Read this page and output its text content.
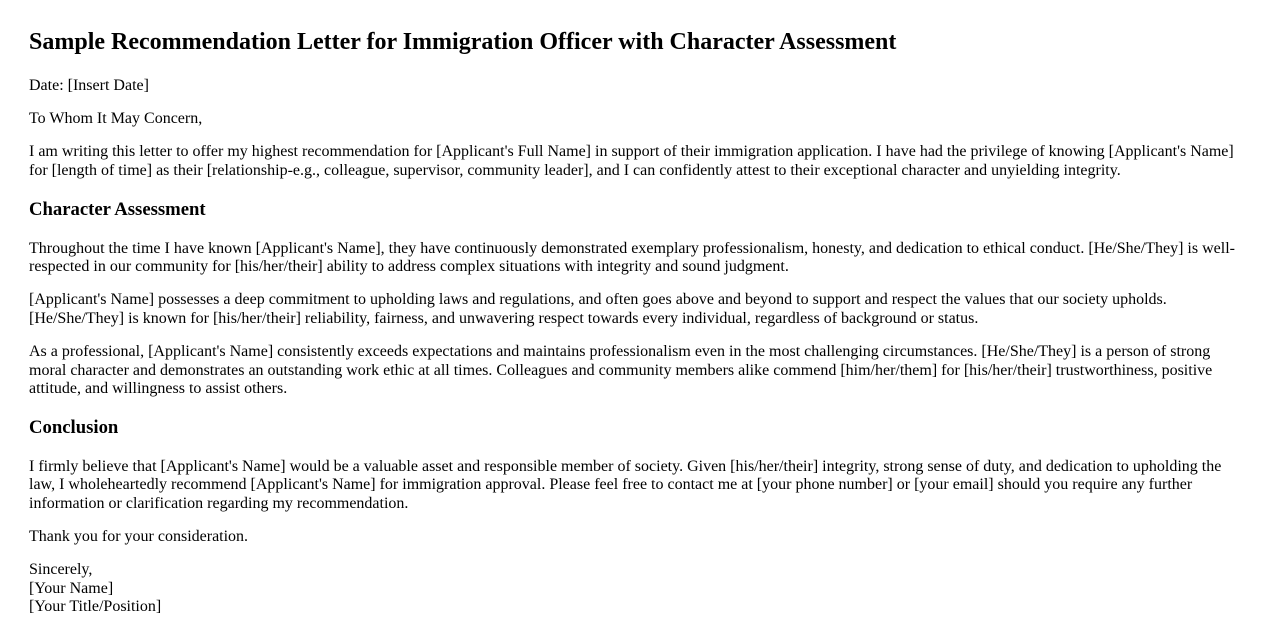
Sample Recommendation Letter for Immigration Officer with Character Assessment

Date: [Insert Date]

To Whom It May Concern,

I am writing this letter to offer my highest recommendation for [Applicant's Full Name] in support of their immigration application. I have had the privilege of knowing [Applicant's Name] for [length of time] as their [relationship-e.g., colleague, supervisor, community leader], and I can confidently attest to their exceptional character and unyielding integrity.

Character Assessment

Throughout the time I have known [Applicant's Name], they have continuously demonstrated exemplary professionalism, honesty, and dedication to ethical conduct. [He/She/They] is well-respected in our community for [his/her/their] ability to address complex situations with integrity and sound judgment.

[Applicant's Name] possesses a deep commitment to upholding laws and regulations, and often goes above and beyond to support and respect the values that our society upholds. [He/She/They] is known for [his/her/their] reliability, fairness, and unwavering respect towards every individual, regardless of background or status.

As a professional, [Applicant's Name] consistently exceeds expectations and maintains professionalism even in the most challenging circumstances. [He/She/They] is a person of strong moral character and demonstrates an outstanding work ethic at all times. Colleagues and community members alike commend [him/her/them] for [his/her/their] trustworthiness, positive attitude, and willingness to assist others.

Conclusion

I firmly believe that [Applicant's Name] would be a valuable asset and responsible member of society. Given [his/her/their] integrity, strong sense of duty, and dedication to upholding the law, I wholeheartedly recommend [Applicant's Name] for immigration approval. Please feel free to contact me at [your phone number] or [your email] should you require any further information or clarification regarding my recommendation.

Thank you for your consideration.

Sincerely,
[Your Name]
[Your Title/Position]
